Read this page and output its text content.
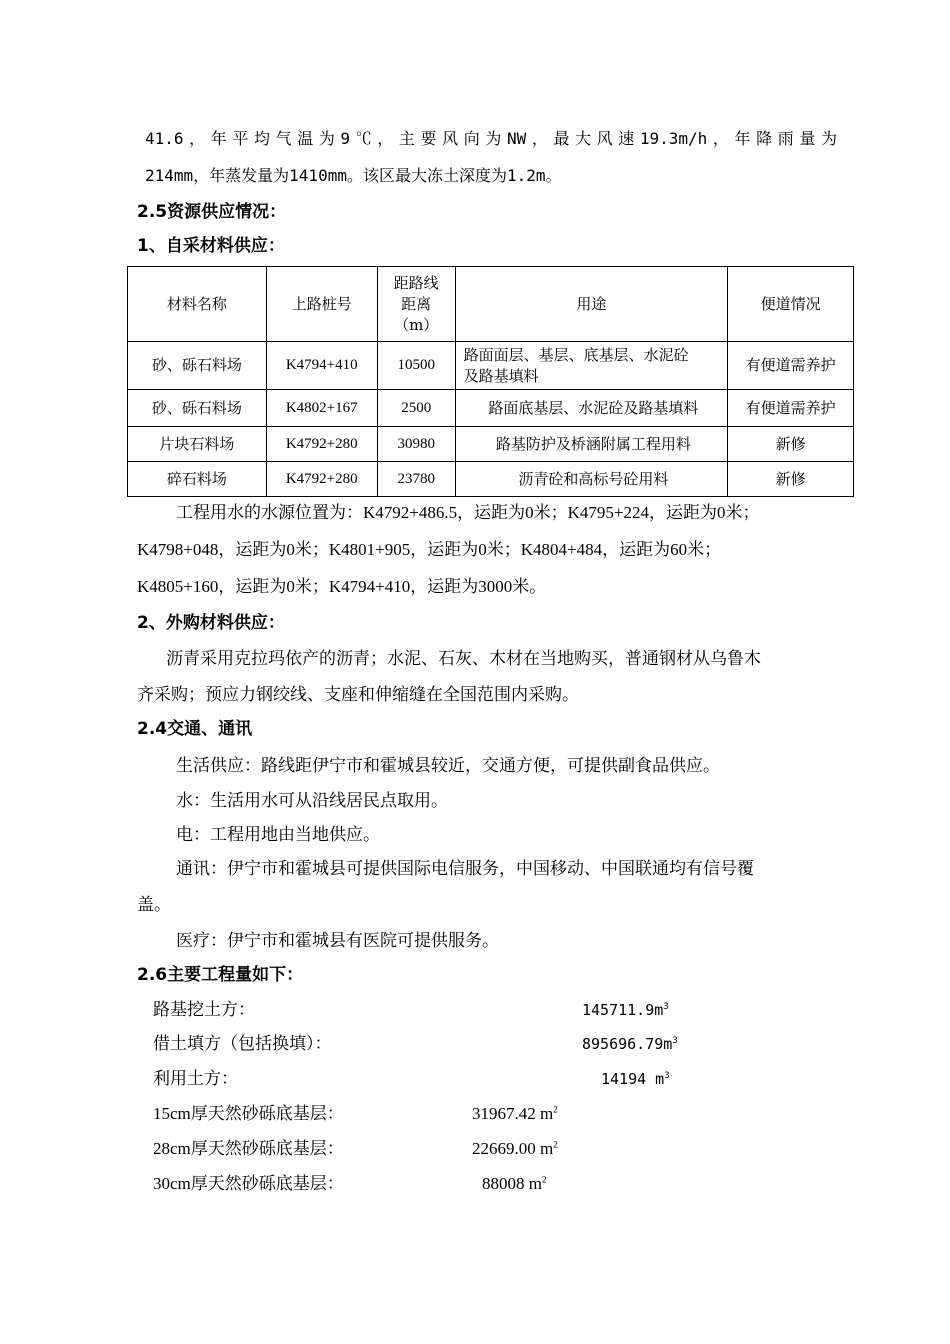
41.6，年平均气温为9℃，主要风向为NW，最大风速19.3m/h，年降雨量为
214mm，年蒸发量为1410mm。该区最大冻土深度为1.2m。
2.5资源供应情况：
1、自采材料供应：
材料名称	上路桩号	距路线
距离
（m）	用途	便道情况
砂、砾石料场	K4794+410	10500	路面面层、基层、底基层、水泥砼
及路基填料	有便道需养护
砂、砾石料场	K4802+167	2500	路面底基层、水泥砼及路基填料	有便道需养护
片块石料场	K4792+280	30980	路基防护及桥涵附属工程用料	新修
碎石料场	K4792+280	23780	沥青砼和高标号砼用料	新修
工程用水的水源位置为：K4792+486.5，运距为0米；K4795+224，运距为0米；
K4798+048，运距为0米；K4801+905，运距为0米；K4804+484，运距为60米；
K4805+160，运距为0米；K4794+410，运距为3000米。
2、外购材料供应：
沥青采用克拉玛依产的沥青；水泥、石灰、木材在当地购买，普通钢材从乌鲁木
齐采购；预应力钢绞线、支座和伸缩缝在全国范围内采购。
2.4交通、通讯
生活供应：路线距伊宁市和霍城县较近，交通方便，可提供副食品供应。
水：生活用水可从沿线居民点取用。
电：工程用地由当地供应。
通讯：伊宁市和霍城县可提供国际电信服务，中国移动、中国联通均有信号覆
盖。
医疗：伊宁市和霍城县有医院可提供服务。
2.6主要工程量如下：
路基挖土方：	$145711.9m^3$
借土填方（包括换填）：	$895696.79m^3$
利用土方：	14194 $m^3$
15cm厚天然砂砾底基层：	31967.42 $m^2$
28cm厚天然砂砾底基层：	22669.00 $m^2$
30cm厚天然砂砾底基层：	88008 $m^2$
